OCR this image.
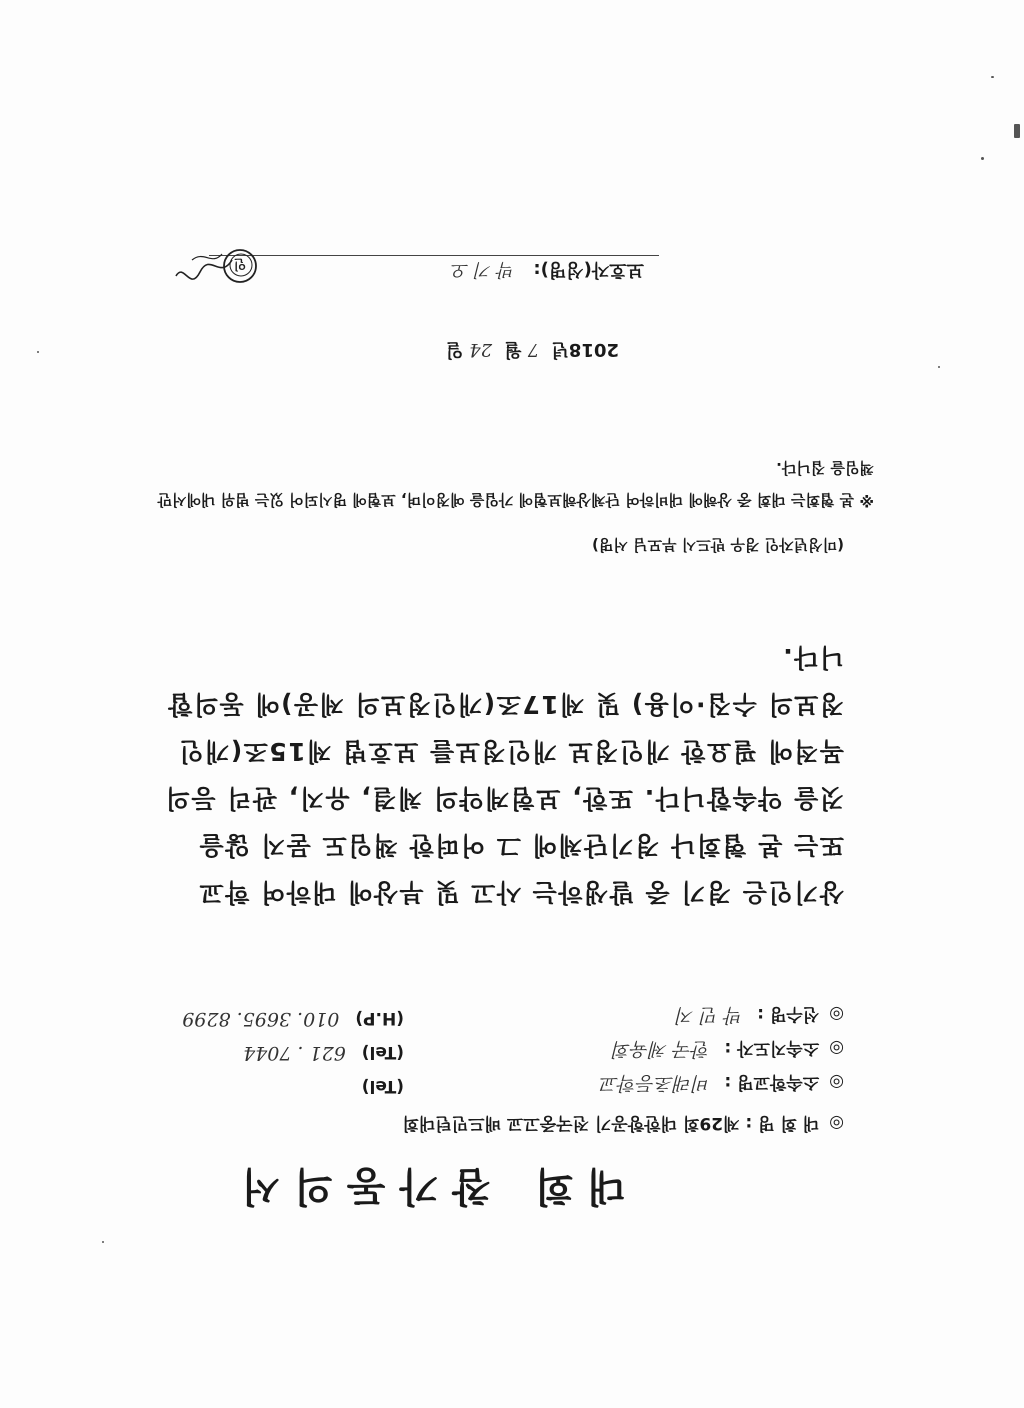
대회참가동의서
◎ 대 회 명 : 제29회 대한항공기 전국중고교 배드민턴대회
◎ 소속학교명 : 비래초등학교
(Tel)
◎ 소속지도자 : 한국 체육회
(Tel) 621 . 7044
◎ 선수명 : 박 민 지
(H.P) 010. 3695. 8299
상기인은 경기 중 발생하는 사고 및 부상에 대하여 학교 또는 본 협회나 경기단체에 그 어떠한 책임도 묻지 않을 것을 약속합니다. 또한, 보험계약의 체결, 유지, 관리 등의 목적에 필요한 개인정보 개인정보를 보호법 제15조(개인정보의 수집·이용) 및 제17조(개인정보의 제공)에 동의합니다.
(미성년자인 경우 반드시 부모님 서명)
※ 본 협회는 대회 중 상해에 대비하여 단체상해보험에 가입을 예정이며, 보험에 명시되어 있는 범위 내에서만 책임을 집니다.
2018년 7월 24일
보호자(성명): 박 기 오
인
